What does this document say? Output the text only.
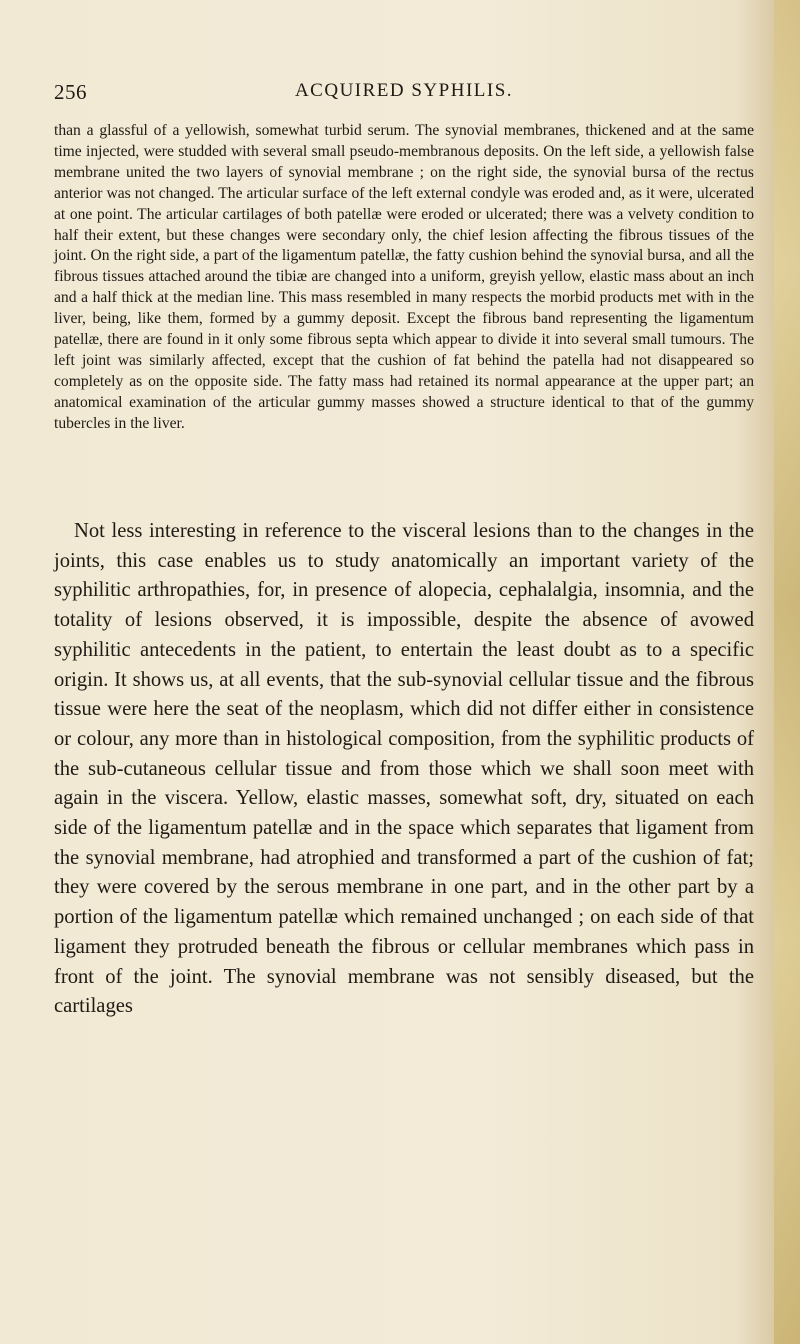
256	ACQUIRED SYPHILIS.

than a glassful of a yellowish, somewhat turbid serum. The synovial membranes, thickened and at the same time injected, were studded with several small pseudo-membranous deposits. On the left side, a yellowish false membrane united the two layers of synovial membrane ; on the right side, the synovial bursa of the rectus anterior was not changed. The articular surface of the left external condyle was eroded and, as it were, ulcerated at one point. The articular cartilages of both patellæ were eroded or ulcerated; there was a velvety condition to half their extent, but these changes were secondary only, the chief lesion affecting the fibrous tissues of the joint. On the right side, a part of the ligamentum patellæ, the fatty cushion behind the synovial bursa, and all the fibrous tissues attached around the tibiæ are changed into a uniform, greyish yellow, elastic mass about an inch and a half thick at the median line. This mass resembled in many respects the morbid products met with in the liver, being, like them, formed by a gummy deposit. Except the fibrous band representing the ligamentum patellæ, there are found in it only some fibrous septa which appear to divide it into several small tumours. The left joint was similarly affected, except that the cushion of fat behind the patella had not disappeared so completely as on the opposite side. The fatty mass had retained its normal appearance at the upper part; an anatomical examination of the articular gummy masses showed a structure identical to that of the gummy tubercles in the liver.

Not less interesting in reference to the visceral lesions than to the changes in the joints, this case enables us to study anatomically an important variety of the syphilitic arthropathies, for, in presence of alopecia, cephalalgia, insomnia, and the totality of lesions observed, it is impossible, despite the absence of avowed syphilitic antecedents in the patient, to entertain the least doubt as to a specific origin. It shows us, at all events, that the sub-synovial cellular tissue and the fibrous tissue were here the seat of the neoplasm, which did not differ either in consistence or colour, any more than in histological composition, from the syphilitic products of the sub-cutaneous cellular tissue and from those which we shall soon meet with again in the viscera. Yellow, elastic masses, somewhat soft, dry, situated on each side of the ligamentum patellæ and in the space which separates that ligament from the synovial membrane, had atrophied and transformed a part of the cushion of fat; they were covered by the serous membrane in one part, and in the other part by a portion of the ligamentum patellæ which remained unchanged ; on each side of that ligament they protruded beneath the fibrous or cellular membranes which pass in front of the joint. The synovial membrane was not sensibly diseased, but the cartilages
